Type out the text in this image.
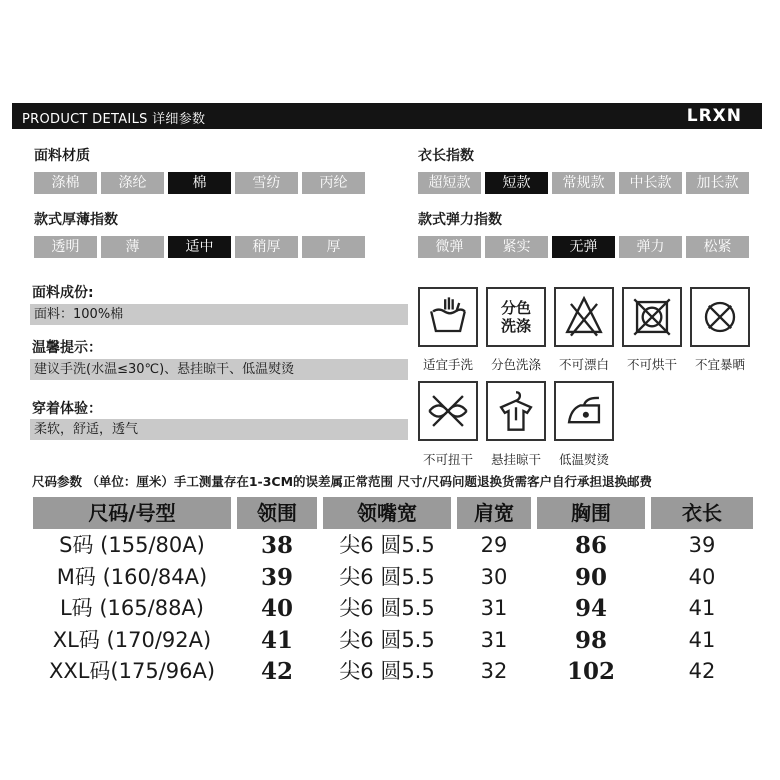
PRODUCT DETAILS 详细参数	LRXN
面料材质
涤棉	涤纶	棉	雪纺	丙纶
衣长指数
超短款	短款	常规款	中长款	加长款
款式厚薄指数
透明	薄	适中	稍厚	厚
款式弹力指数
微弹	紧实	无弹	弹力	松紧
面料成份:
面料：100%棉
温馨提示：
建议手洗(水温≤30℃)、悬挂晾干、低温熨烫
穿着体验：
柔软，舒适，透气
分色
洗涤
适宜手洗	分色洗涤	不可漂白	不可烘干	不宜暴晒
不可扭干	悬挂晾干	低温熨烫
尺码参数 （单位：厘米）手工测量存在1-3CM的误差属正常范围 尺寸/尺码问题退换货需客户自行承担退换邮费
尺码/号型	领围	领嘴宽	肩宽	胸围	衣长
S码 (155/80A)	38	尖6 圆5.5	29	86	39
M码 (160/84A)	39	尖6 圆5.5	30	90	40
L码 (165/88A)	40	尖6 圆5.5	31	94	41
XL码 (170/92A)	41	尖6 圆5.5	31	98	41
XXL码(175/96A)	42	尖6 圆5.5	32	102	42
